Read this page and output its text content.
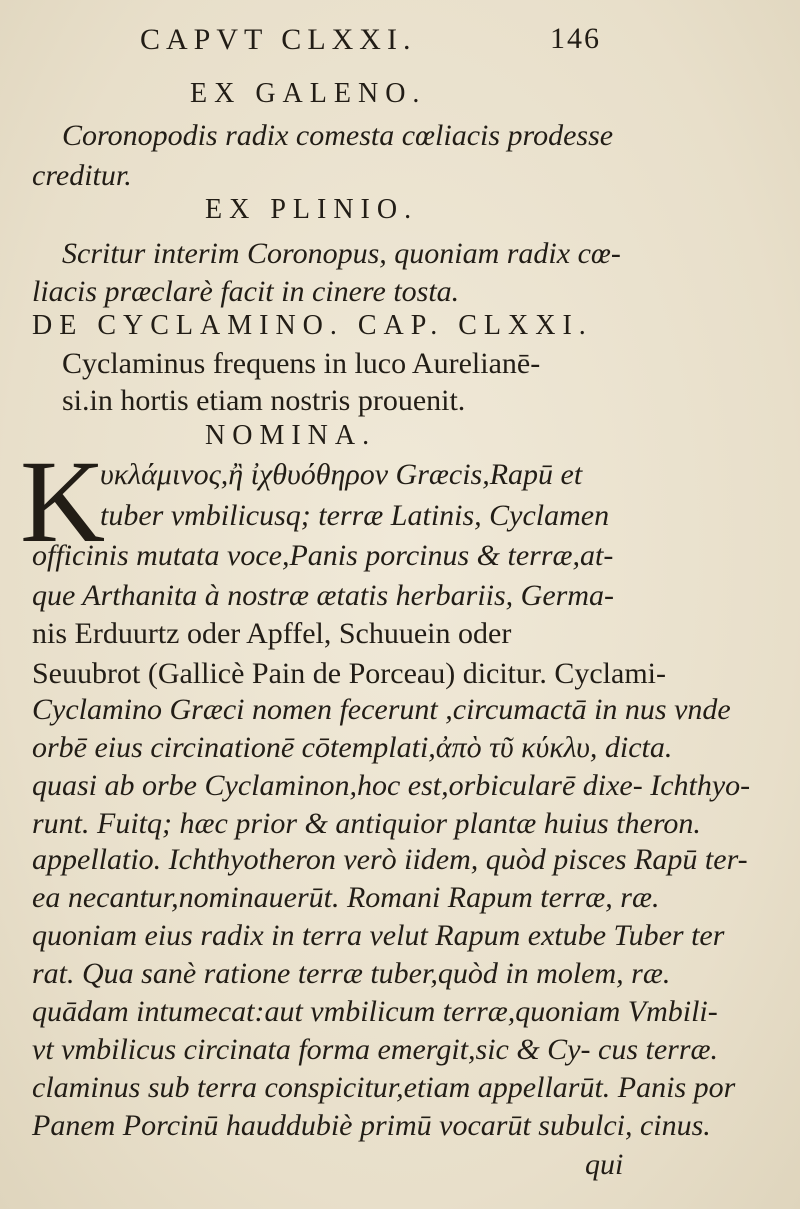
CAPVT CLXXI.	146
K
EX GALENO.
Coronopodis radix comesta cœliacis prodesse
creditur.
EX PLINIO.
Scritur interim Coronopus, quoniam radix cœ-
liacis præclarè facit in cinere tosta.
DE CYCLAMINO. CAP. CLXXI.
Cyclaminus frequens in luco Aurelianē-
si.in hortis etiam nostris prouenit.
NOMINA.
υκλάμινος,ἢ ἰχθυόθηρον Græcis,Rapū et
tuber vmbilicusq; terræ Latinis, Cyclamen
officinis mutata voce,Panis porcinus & terræ,at-
que Arthanita à nostræ ætatis herbariis, Germa-
nis Erduurtz oder Apffel, Schuuein oder
Seuubrot (Gallicè Pain de Porceau) dicitur. Cyclami-
Cyclamino Græci nomen fecerunt ,circumactā in nus vnde
orbē eius circinationē cōtemplati,ἀπὸ τῦ κύκλυ, dicta.
quasi ab orbe Cyclaminon,hoc est,orbicularē dixe- Ichthyo-
runt. Fuitq; hæc prior & antiquior plantæ huius theron.
appellatio. Ichthyotheron verò iidem, quòd pisces Rapū ter-
ea necantur,nominauerūt. Romani Rapum terræ, ræ.
quoniam eius radix in terra velut Rapum extube Tuber ter
rat. Qua sanè ratione terræ tuber,quòd in molem, ræ.
quādam intumecat:aut vmbilicum terræ,quoniam Vmbili-
vt vmbilicus circinata forma emergit,sic & Cy- cus terræ.
claminus sub terra conspicitur,etiam appellarūt. Panis por
Panem Porcinū hauddubiè primū vocarūt subulci, cinus.
qui
